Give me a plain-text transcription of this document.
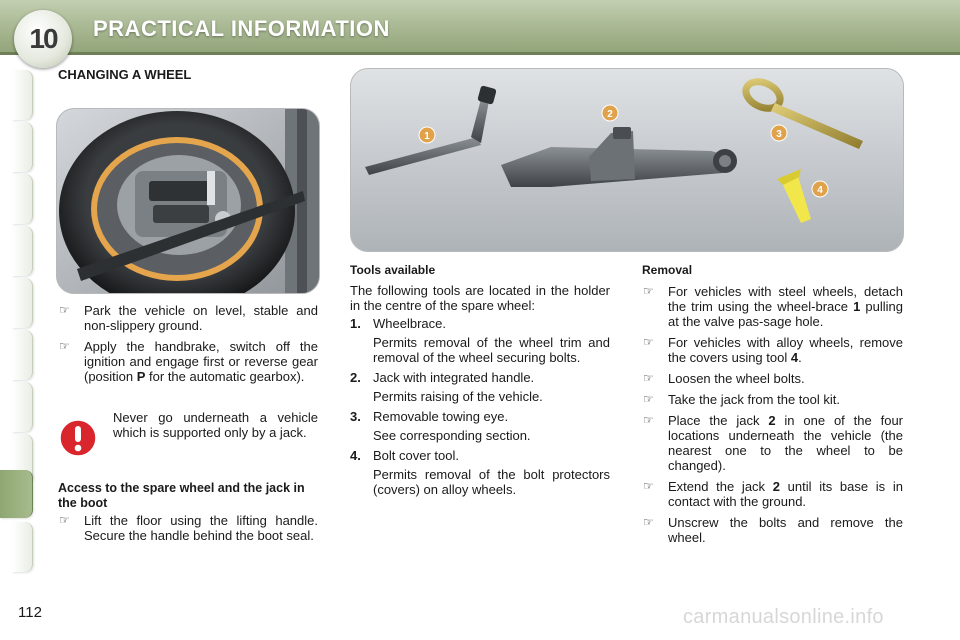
10	PRACTICAL INFORMATION
CHANGING A WHEEL

☞ Park the vehicle on level, stable and non-slippery ground.

☞ Apply the handbrake, switch off the ignition and engage first or reverse gear (position P for the automatic gearbox).

Never go underneath a vehicle which is supported only by a jack.
Access to the spare wheel and the jack in the boot

☞ Lift the floor using the lifting handle. Secure the handle behind the boot seal.

1
2
3
4
Tools available
The following tools are located in the holder in the centre of the spare wheel:
1. Wheelbrace.
Permits removal of the wheel trim and removal of the wheel securing bolts.
2. Jack with integrated handle.
Permits raising of the vehicle.
3. Removable towing eye.
See corresponding section.
4. Bolt cover tool.
Permits removal of the bolt protectors (covers) on alloy wheels.
Removal

☞ For vehicles with steel wheels, detach the trim using the wheel-brace 1 pulling at the valve pas-sage hole.

☞ For vehicles with alloy wheels, remove the covers using tool 4.

☞ Loosen the wheel bolts.

☞ Take the jack from the tool kit.

☞ Place the jack 2 in one of the four locations underneath the vehicle (the nearest one to the wheel to be changed).

☞ Extend the jack 2 until its base is in contact with the ground.

☞ Unscrew the bolts and remove the wheel.

112	carmanualsonline.info
